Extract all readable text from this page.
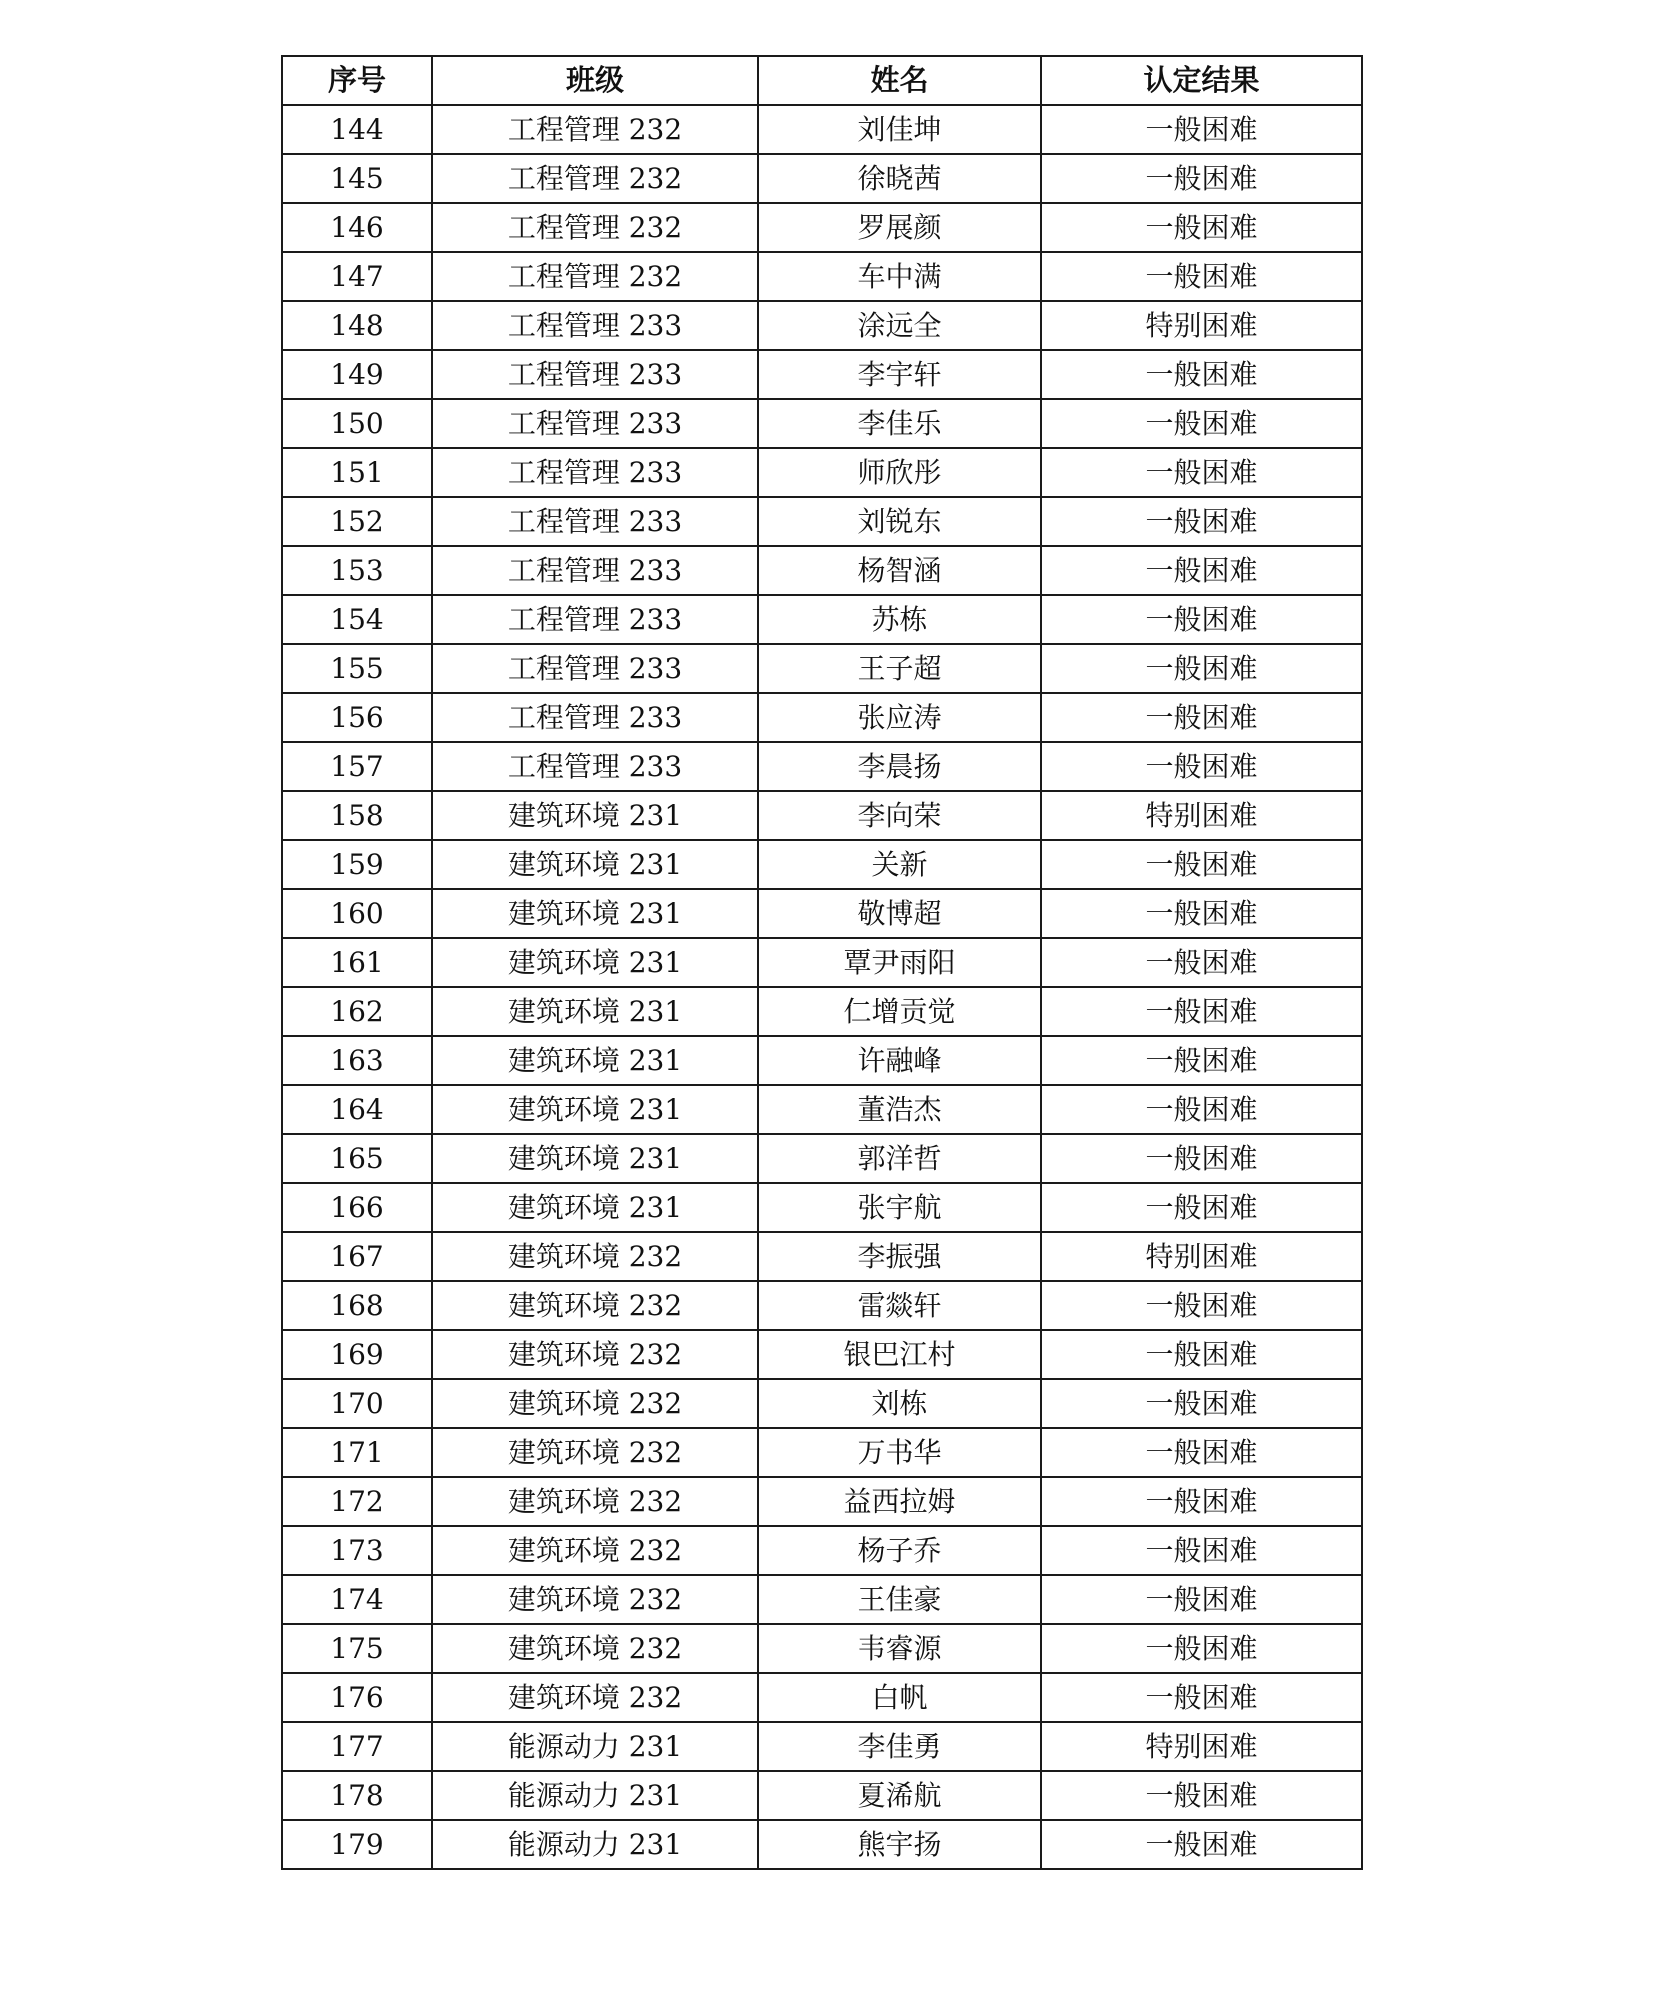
序号	班级	姓名	认定结果
144	工程管理 232	刘佳坤	一般困难
145	工程管理 232	徐晓茜	一般困难
146	工程管理 232	罗展颜	一般困难
147	工程管理 232	车中满	一般困难
148	工程管理 233	涂远全	特别困难
149	工程管理 233	李宇轩	一般困难
150	工程管理 233	李佳乐	一般困难
151	工程管理 233	师欣彤	一般困难
152	工程管理 233	刘锐东	一般困难
153	工程管理 233	杨智涵	一般困难
154	工程管理 233	苏栋	一般困难
155	工程管理 233	王子超	一般困难
156	工程管理 233	张应涛	一般困难
157	工程管理 233	李晨扬	一般困难
158	建筑环境 231	李向荣	特别困难
159	建筑环境 231	关新	一般困难
160	建筑环境 231	敬博超	一般困难
161	建筑环境 231	覃尹雨阳	一般困难
162	建筑环境 231	仁增贡觉	一般困难
163	建筑环境 231	许融峰	一般困难
164	建筑环境 231	董浩杰	一般困难
165	建筑环境 231	郭洋哲	一般困难
166	建筑环境 231	张宇航	一般困难
167	建筑环境 232	李振强	特别困难
168	建筑环境 232	雷燚轩	一般困难
169	建筑环境 232	银巴江村	一般困难
170	建筑环境 232	刘栋	一般困难
171	建筑环境 232	万书华	一般困难
172	建筑环境 232	益西拉姆	一般困难
173	建筑环境 232	杨子乔	一般困难
174	建筑环境 232	王佳豪	一般困难
175	建筑环境 232	韦睿源	一般困难
176	建筑环境 232	白帆	一般困难
177	能源动力 231	李佳勇	特别困难
178	能源动力 231	夏浠航	一般困难
179	能源动力 231	熊宇扬	一般困难
